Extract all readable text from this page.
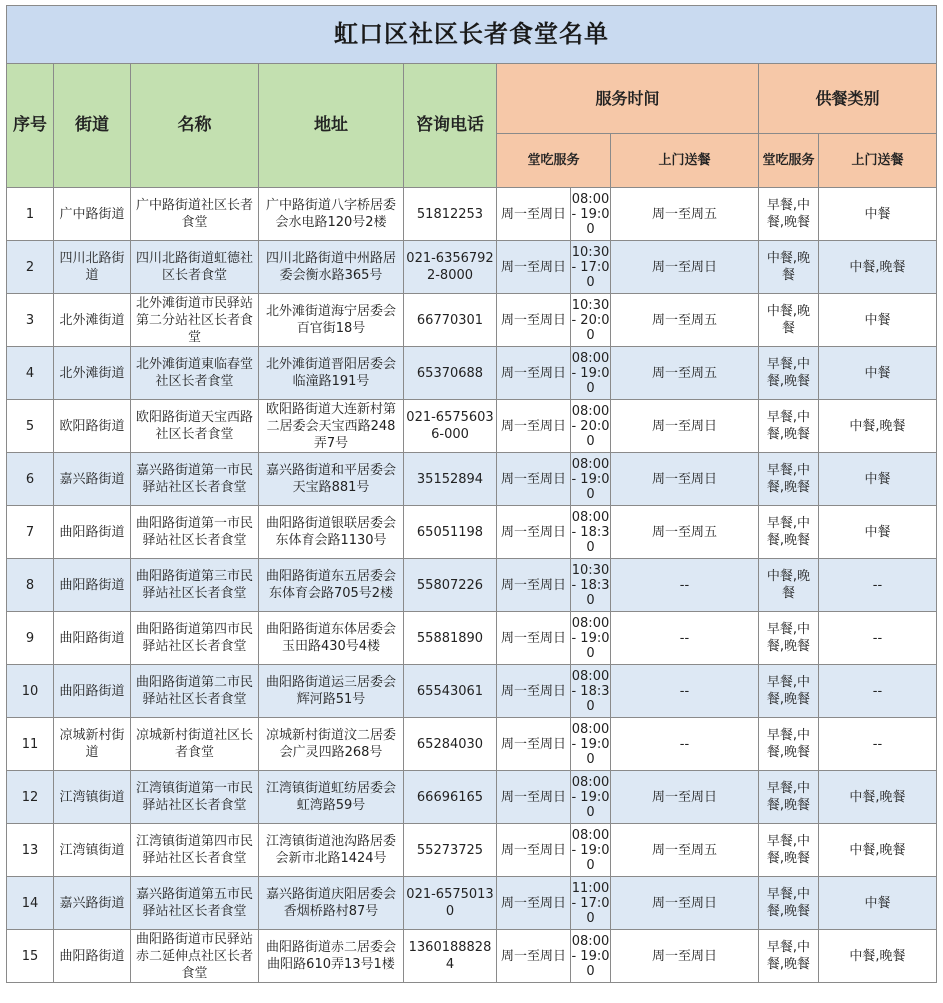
虹口区社区长者食堂名单									
序号	街道	名称	地址	咨询电话	服务时间			供餐类别	
					堂吃服务		上门送餐	堂吃服务	上门送餐
1	广中路街道	广中路街道社区长者食堂	广中路街道八字桥居委会水电路120号2楼	51812253	周一至周日	08:00 - 19:00	周一至周五	早餐,中餐,晚餐	中餐
2	四川北路街道	四川北路街道虹德社区长者食堂	四川北路街道中州路居委会衡水路365号	021-63567922-8000	周一至周日	10:30 - 17:00	周一至周日	中餐,晚餐	中餐,晚餐
3	北外滩街道	北外滩街道市民驿站第二分站社区长者食堂	北外滩街道海宁居委会百官街18号	66770301	周一至周日	10:30 - 20:00	周一至周五	中餐,晚餐	中餐
4	北外滩街道	北外滩街道東临春堂社区长者食堂	北外滩街道晋阳居委会临潼路191号	65370688	周一至周日	08:00 - 19:00	周一至周五	早餐,中餐,晚餐	中餐
5	欧阳路街道	欧阳路街道天宝西路社区长者食堂	欧阳路街道大连新村第二居委会天宝西路248弄7号	021-65756036-000	周一至周日	08:00 - 20:00	周一至周日	早餐,中餐,晚餐	中餐,晚餐
6	嘉兴路街道	嘉兴路街道第一市民驿站社区长者食堂	嘉兴路街道和平居委会天宝路881号	35152894	周一至周日	08:00 - 19:00	周一至周日	早餐,中餐,晚餐	中餐
7	曲阳路街道	曲阳路街道第一市民驿站社区长者食堂	曲阳路街道银联居委会东体育会路1130号	65051198	周一至周日	08:00 - 18:30	周一至周五	早餐,中餐,晚餐	中餐
8	曲阳路街道	曲阳路街道第三市民驿站社区长者食堂	曲阳路街道东五居委会东体育会路705号2楼	55807226	周一至周日	10:30 - 18:30	--	中餐,晚餐	--
9	曲阳路街道	曲阳路街道第四市民驿站社区长者食堂	曲阳路街道东体居委会玉田路430号4楼	55881890	周一至周日	08:00 - 19:00	--	早餐,中餐,晚餐	--
10	曲阳路街道	曲阳路街道第二市民驿站社区长者食堂	曲阳路街道运三居委会辉河路51号	65543061	周一至周日	08:00 - 18:30	--	早餐,中餐,晚餐	--
11	凉城新村街道	凉城新村街道社区长者食堂	凉城新村街道汶二居委会广灵四路268号	65284030	周一至周日	08:00 - 19:00	--	早餐,中餐,晚餐	--
12	江湾镇街道	江湾镇街道第一市民驿站社区长者食堂	江湾镇街道虹纺居委会虹湾路59号	66696165	周一至周日	08:00 - 19:00	周一至周日	早餐,中餐,晚餐	中餐,晚餐
13	江湾镇街道	江湾镇街道第四市民驿站社区长者食堂	江湾镇街道池沟路居委会新市北路1424号	55273725	周一至周日	08:00 - 19:00	周一至周五	早餐,中餐,晚餐	中餐,晚餐
14	嘉兴路街道	嘉兴路街道第五市民驿站社区长者食堂	嘉兴路街道庆阳居委会香烟桥路村87号	021-65750130	周一至周日	11:00 - 17:00	周一至周日	早餐,中餐,晚餐	中餐
15	曲阳路街道	曲阳路街道市民驿站赤二延伸点社区长者食堂	曲阳路街道赤二居委会曲阳路610弄13号1楼	13601888284	周一至周日	08:00 - 19:00	周一至周日	早餐,中餐,晚餐	中餐,晚餐
